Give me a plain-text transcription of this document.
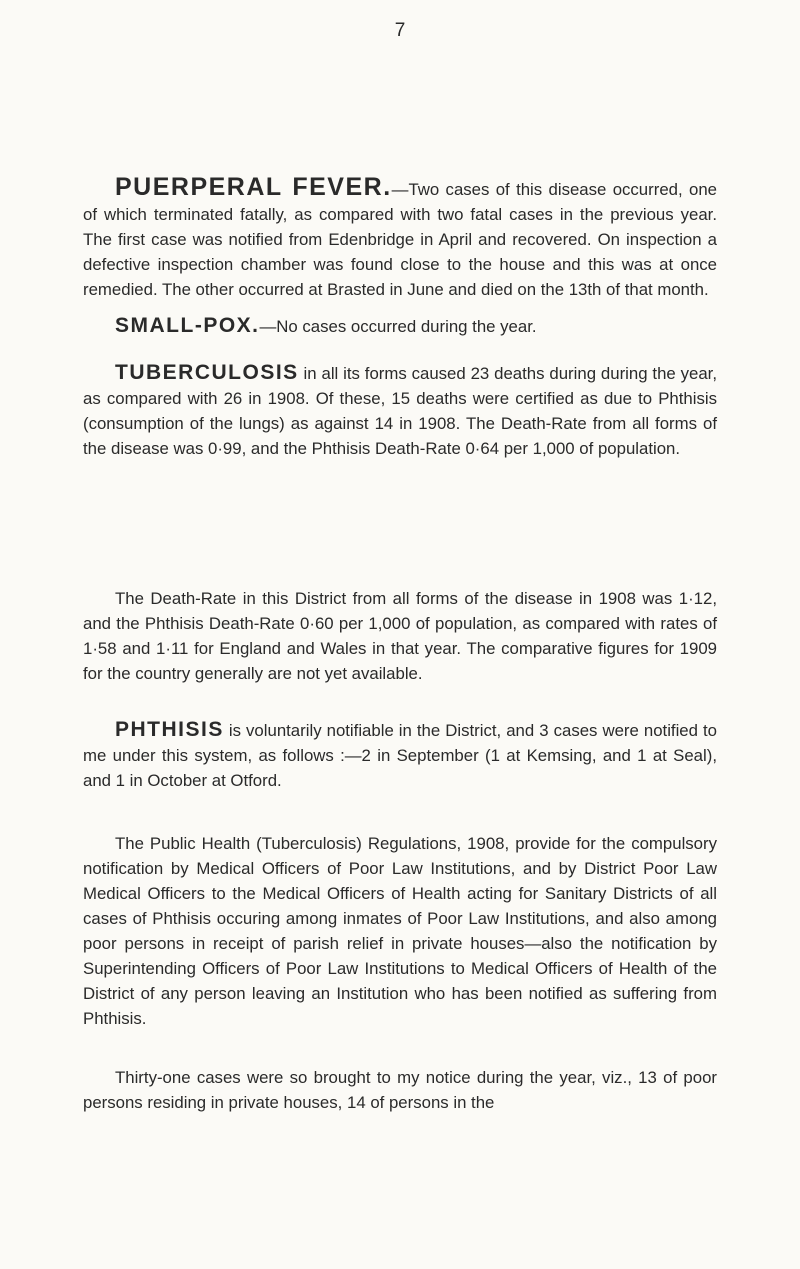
7
PUERPERAL FEVER.—Two cases of this disease occurred, one of which terminated fatally, as compared with two fatal cases in the previous year. The first case was notified from Edenbridge in April and recovered. On inspection a defective inspection chamber was found close to the house and this was at once remedied. The other occurred at Brasted in June and died on the 13th of that month.
SMALL-POX.—No cases occurred during the year.
TUBERCULOSIS in all its forms caused 23 deaths during during the year, as compared with 26 in 1908. Of these, 15 deaths were certified as due to Phthisis (consumption of the lungs) as against 14 in 1908. The Death-Rate from all forms of the disease was 0·99, and the Phthisis Death-Rate 0·64 per 1,000 of population.
The Death-Rate in this District from all forms of the disease in 1908 was 1·12, and the Phthisis Death-Rate 0·60 per 1,000 of population, as compared with rates of 1·58 and 1·11 for England and Wales in that year. The comparative figures for 1909 for the country generally are not yet available.
PHTHISIS is voluntarily notifiable in the District, and 3 cases were notified to me under this system, as follows :—2 in September (1 at Kemsing, and 1 at Seal), and 1 in October at Otford.
The Public Health (Tuberculosis) Regulations, 1908, provide for the compulsory notification by Medical Officers of Poor Law Institutions, and by District Poor Law Medical Officers to the Medical Officers of Health acting for Sanitary Districts of all cases of Phthisis occuring among inmates of Poor Law Institutions, and also among poor persons in receipt of parish relief in private houses—also the notification by Superintending Officers of Poor Law Institutions to Medical Officers of Health of the District of any person leaving an Institution who has been notified as suffering from Phthisis.
Thirty-one cases were so brought to my notice during the year, viz., 13 of poor persons residing in private houses, 14 of persons in the
